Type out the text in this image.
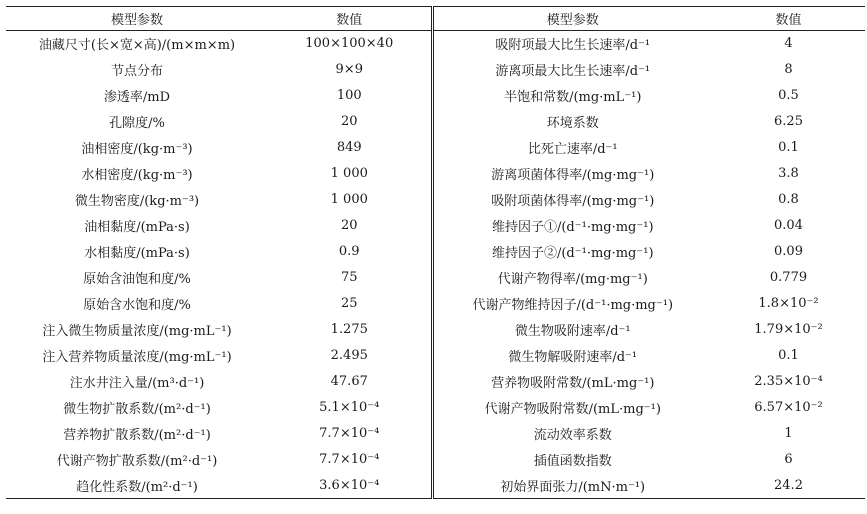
模型参数	数值	模型参数	数值
油藏尺寸(长×宽×高)/(m×m×m)	100×100×40	吸附项最大比生长速率/d⁻¹	4
节点分布	9×9	游离项最大比生长速率/d⁻¹	8
渗透率/mD	100	半饱和常数/(mg·mL⁻¹)	0.5
孔隙度/%	20	环境系数	6.25
油相密度/(kg·m⁻³)	849	比死亡速率/d⁻¹	0.1
水相密度/(kg·m⁻³)	1 000	游离项菌体得率/(mg·mg⁻¹)	3.8
微生物密度/(kg·m⁻³)	1 000	吸附项菌体得率/(mg·mg⁻¹)	0.8
油相黏度/(mPa·s)	20	维持因子①/(d⁻¹·mg·mg⁻¹)	0.04
水相黏度/(mPa·s)	0.9	维持因子②/(d⁻¹·mg·mg⁻¹)	0.09
原始含油饱和度/%	75	代谢产物得率/(mg·mg⁻¹)	0.779
原始含水饱和度/%	25	代谢产物维持因子/(d⁻¹·mg·mg⁻¹)	1.8×10⁻²
注入微生物质量浓度/(mg·mL⁻¹)	1.275	微生物吸附速率/d⁻¹	1.79×10⁻²
注入营养物质量浓度/(mg·mL⁻¹)	2.495	微生物解吸附速率/d⁻¹	0.1
注水井注入量/(m³·d⁻¹)	47.67	营养物吸附常数/(mL·mg⁻¹)	2.35×10⁻⁴
微生物扩散系数/(m²·d⁻¹)	5.1×10⁻⁴	代谢产物吸附常数/(mL·mg⁻¹)	6.57×10⁻²
营养物扩散系数/(m²·d⁻¹)	7.7×10⁻⁴	流动效率系数	1
代谢产物扩散系数/(m²·d⁻¹)	7.7×10⁻⁴	插值函数指数	6
趋化性系数/(m²·d⁻¹)	3.6×10⁻⁴	初始界面张力/(mN·m⁻¹)	24.2
